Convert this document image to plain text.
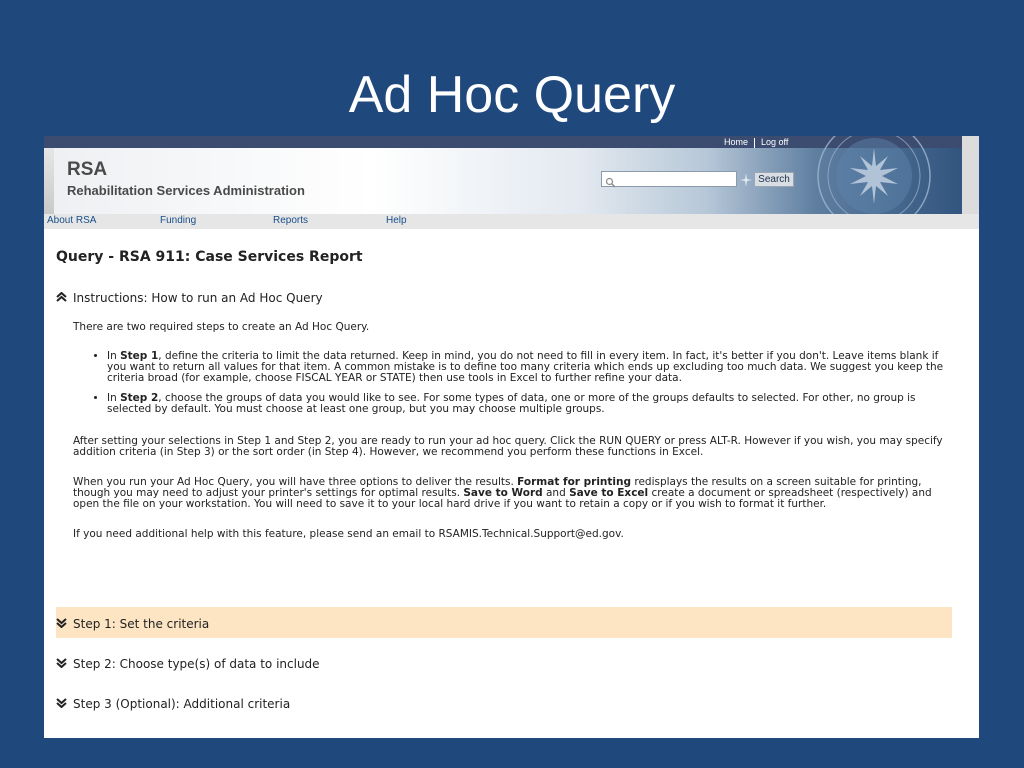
Ad Hoc Query
Home Log off
RSA
Rehabilitation Services Administration
Search
About RSA	Funding	Reports	Help
Query - RSA 911: Case Services Report
Instructions: How to run an Ad Hoc Query
There are two required steps to create an Ad Hoc Query.
• In Step 1, define the criteria to limit the data returned. Keep in mind, you do not need to fill in every item. In fact, it's better if you don't. Leave items blank if you want to return all values for that item. A common mistake is to define too many criteria which ends up excluding too much data. We suggest you keep the criteria broad (for example, choose FISCAL YEAR or STATE) then use tools in Excel to further refine your data.
• In Step 2, choose the groups of data you would like to see. For some types of data, one or more of the groups defaults to selected. For other, no group is selected by default. You must choose at least one group, but you may choose multiple groups.
After setting your selections in Step 1 and Step 2, you are ready to run your ad hoc query. Click the RUN QUERY or press ALT-R. However if you wish, you may specify addition criteria (in Step 3) or the sort order (in Step 4). However, we recommend you perform these functions in Excel.
When you run your Ad Hoc Query, you will have three options to deliver the results. Format for printing redisplays the results on a screen suitable for printing, though you may need to adjust your printer's settings for optimal results. Save to Word and Save to Excel create a document or spreadsheet (respectively) and open the file on your workstation. You will need to save it to your local hard drive if you want to retain a copy or if you wish to format it further.
If you need additional help with this feature, please send an email to RSAMIS.Technical.Support@ed.gov.
Step 1: Set the criteria
Step 2: Choose type(s) of data to include
Step 3 (Optional): Additional criteria
